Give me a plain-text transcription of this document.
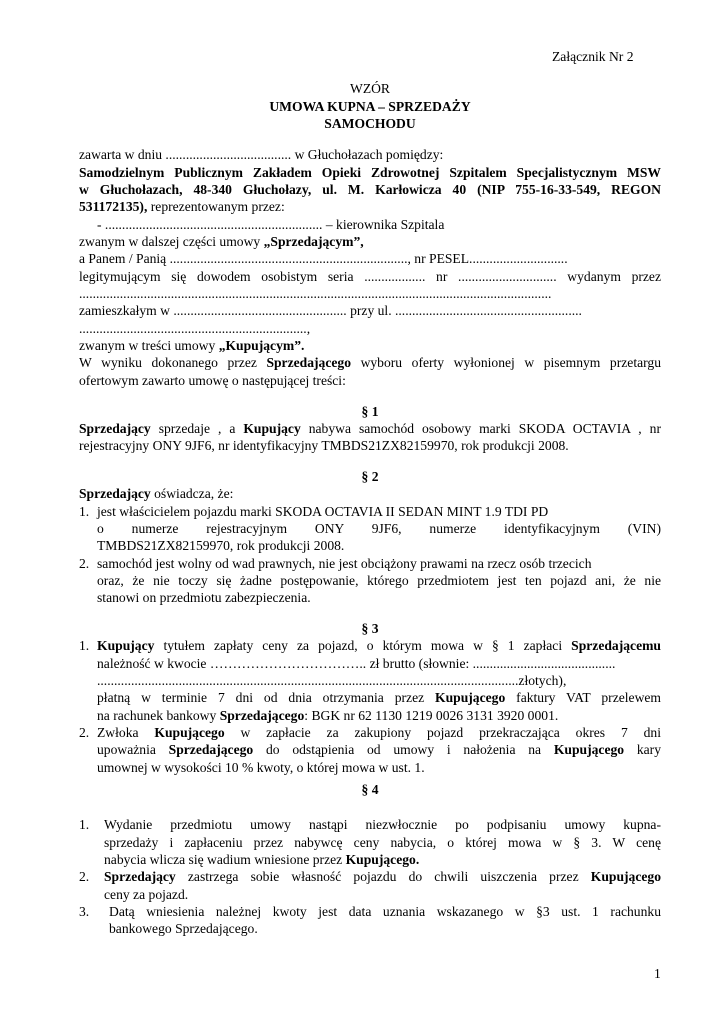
Załącznik Nr 2
WZÓR
UMOWA KUPNA – SPRZEDAŻY
SAMOCHODU
zawarta w dniu ..................................... w Głuchołazach pomiędzy:
Samodzielnym Publicznym Zakładem Opieki Zdrowotnej Szpitalem Specjalistycznym MSW
w Głuchołazach, 48-340 Głuchołazy, ul. M. Karłowicza 40 (NIP 755-16-33-549, REGON
531172135), reprezentowanym przez:
- ................................................................ – kierownika Szpitala
zwanym w dalszej części umowy „Sprzedającym”,
a Panem / Panią ......................................................................, nr PESEL.............................
legitymującym się dowodem osobistym seria .................. nr ............................. wydanym przez
...........................................................................................................................................
zamieszkałym w ................................................... przy ul. .......................................................
...................................................................,
zwanym w treści umowy „Kupującym”.
W wyniku dokonanego przez Sprzedającego wyboru oferty wyłonionej w pisemnym przetargu
ofertowym zawarto umowę o następującej treści:
§ 1
Sprzedający sprzedaje , a Kupujący nabywa samochód osobowy marki SKODA OCTAVIA , nr
rejestracyjny ONY 9JF6, nr identyfikacyjny TMBDS21ZX82159970, rok produkcji 2008.
§ 2
Sprzedający oświadcza, że:
1. jest właścicielem pojazdu marki SKODA OCTAVIA II SEDAN MINT 1.9 TDI PD
o numerze rejestracyjnym ONY 9JF6, numerze identyfikacyjnym (VIN)
TMBDS21ZX82159970, rok produkcji 2008.
2. samochód jest wolny od wad prawnych, nie jest obciążony prawami na rzecz osób trzecich
oraz, że nie toczy się żadne postępowanie, którego przedmiotem jest ten pojazd ani, że nie
stanowi on przedmiotu zabezpieczenia.
§ 3
1. Kupujący tytułem zapłaty ceny za pojazd, o którym mowa w § 1 zapłaci Sprzedającemu
należność w kwocie …………………………….. zł brutto (słownie: ..........................................
............................................................................................................................złotych),
płatną w terminie 7 dni od dnia otrzymania przez Kupującego faktury VAT przelewem
na rachunek bankowy Sprzedającego: BGK nr 62 1130 1219 0026 3131 3920 0001.
2. Zwłoka Kupującego w zapłacie za zakupiony pojazd przekraczająca okres 7 dni
upoważnia Sprzedającego do odstąpienia od umowy i nałożenia na Kupującego kary
umownej w wysokości 10 % kwoty, o której mowa w ust. 1.
§ 4
1.	Wydanie przedmiotu umowy nastąpi niezwłocznie po podpisaniu umowy kupna-
sprzedaży i zapłaceniu przez nabywcę ceny nabycia, o której mowa w § 3. W cenę
nabycia wlicza się wadium wniesione przez Kupującego.
2.	Sprzedający zastrzega sobie własność pojazdu do chwili uiszczenia przez Kupującego
ceny za pojazd.
3.	Datą wniesienia należnej kwoty jest data uznania wskazanego w §3 ust. 1 rachunku
bankowego Sprzedającego.
1
